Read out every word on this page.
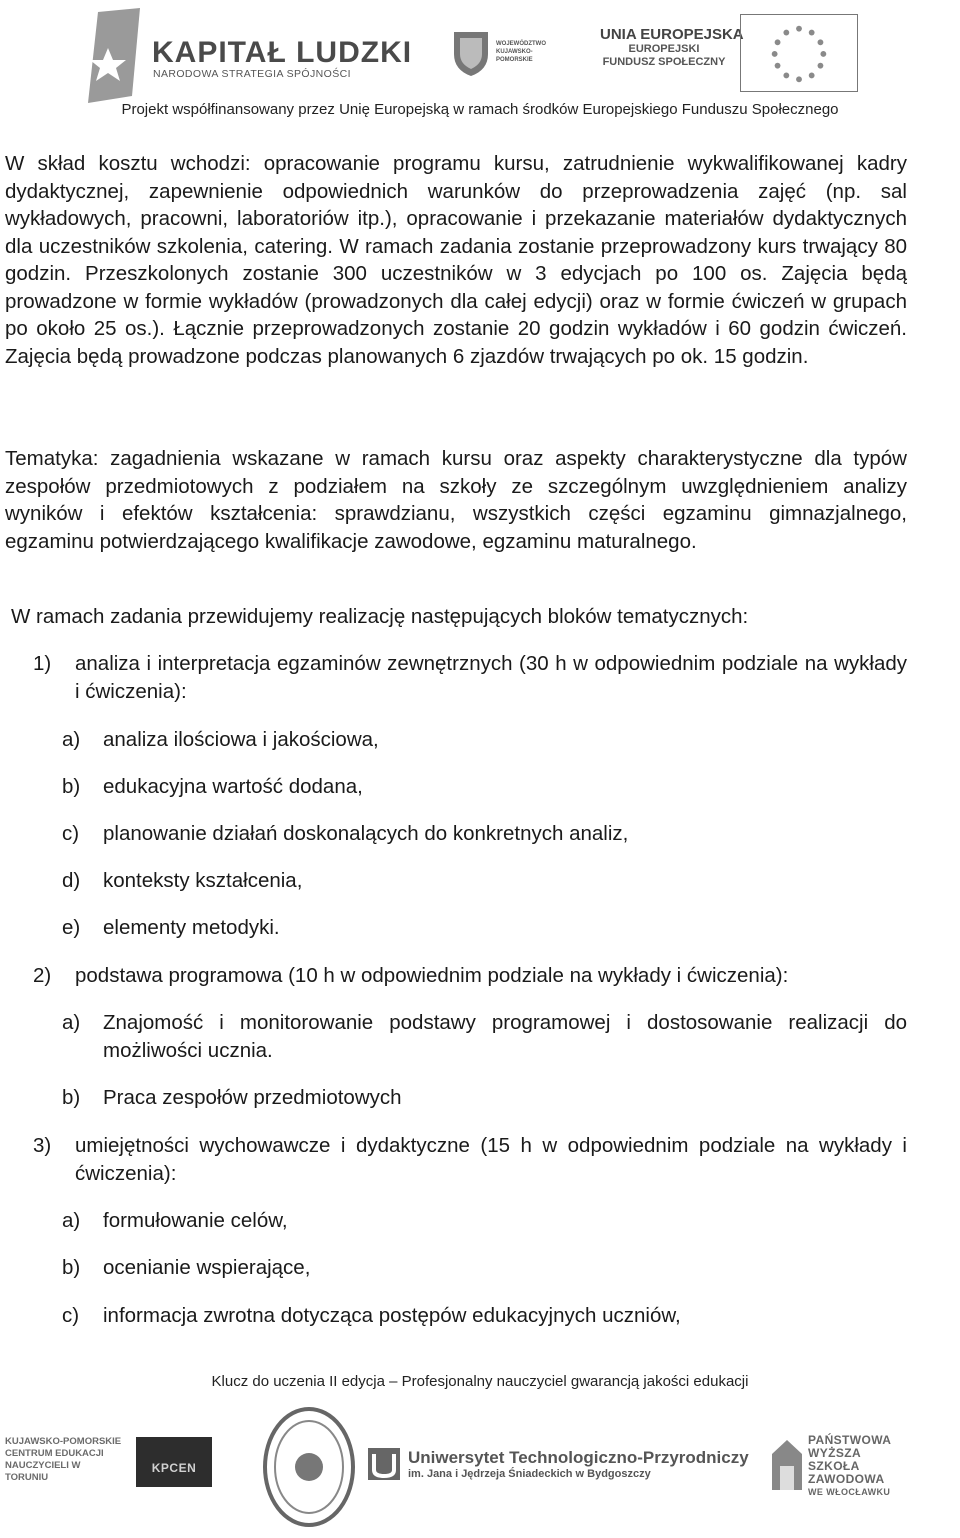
KAPITAŁ LUDZKI
NARODOWA STRATEGIA SPÓJNOŚCI
WOJEWÓDZTWO KUJAWSKO-POMORSKIE
UNIA EUROPEJSKA
EUROPEJSKI
FUNDUSZ SPOŁECZNY
Projekt współfinansowany przez Unię Europejską w ramach środków Europejskiego Funduszu Społecznego

W skład kosztu wchodzi: opracowanie programu kursu, zatrudnienie wykwalifikowanej kadry dydaktycznej, zapewnienie odpowiednich warunków do przeprowadzenia zajęć (np. sal wykładowych, pracowni, laboratoriów itp.), opracowanie i przekazanie materiałów dydaktycznych dla uczestników szkolenia, catering. W ramach zadania zostanie przeprowadzony kurs trwający 80 godzin. Przeszkolonych zostanie 300 uczestników w 3 edycjach po 100 os. Zajęcia będą prowadzone w formie wykładów (prowadzonych dla całej edycji) oraz w formie ćwiczeń w grupach po około 25 os.). Łącznie przeprowadzonych zostanie 20 godzin wykładów i 60 godzin ćwiczeń. Zajęcia będą prowadzone podczas planowanych 6 zjazdów trwających po ok. 15 godzin.

Tematyka: zagadnienia wskazane w ramach kursu oraz aspekty charakterystyczne dla typów zespołów przedmiotowych z podziałem na szkoły ze szczególnym uwzględnieniem analizy wyników i efektów kształcenia: sprawdzianu, wszystkich części egzaminu gimnazjalnego, egzaminu potwierdzającego kwalifikacje zawodowe, egzaminu maturalnego.

W ramach zadania przewidujemy realizację następujących bloków tematycznych:

1) analiza i interpretacja egzaminów zewnętrznych (30 h w odpowiednim podziale na wykłady i ćwiczenia):
a) analiza ilościowa i jakościowa,
b) edukacyjna wartość dodana,
c) planowanie działań doskonalących do konkretnych analiz,
d) konteksty kształcenia,
e) elementy metodyki.
2) podstawa programowa (10 h w odpowiednim podziale na wykłady i ćwiczenia):
a) Znajomość i monitorowanie podstawy programowej i dostosowanie realizacji do możliwości ucznia.
b) Praca zespołów przedmiotowych
3) umiejętności wychowawcze i dydaktyczne (15 h w odpowiednim podziale na wykłady i ćwiczenia):
a) formułowanie celów,
b) ocenianie wspierające,
c) informacja zwrotna dotycząca postępów edukacyjnych uczniów,
Klucz do uczenia II edycja – Profesjonalny nauczyciel gwarancją jakości edukacji
KUJAWSKO-POMORSKIE CENTRUM EDUKACJI NAUCZYCIELI W TORUNIU
KPCEN
Uniwersytet Technologiczno-Przyrodniczy
im. Jana i Jędrzeja Śniadeckich w Bydgoszczy
PAŃSTWOWA
WYŻSZA
SZKOŁA
ZAWODOWA
WE WŁOCŁAWKU
